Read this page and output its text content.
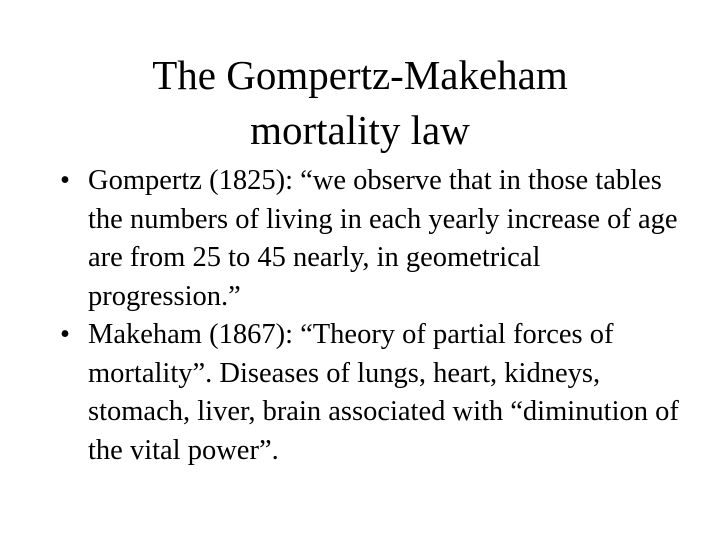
The Gompertz-Makeham
mortality law
• Gompertz (1825): “we observe that in those tables the numbers of living in each yearly increase of age are from 25 to 45 nearly, in geometrical progression.”
• Makeham (1867): “Theory of partial forces of mortality”. Diseases of lungs, heart, kidneys, stomach, liver, brain associated with “diminution of the vital power”.
